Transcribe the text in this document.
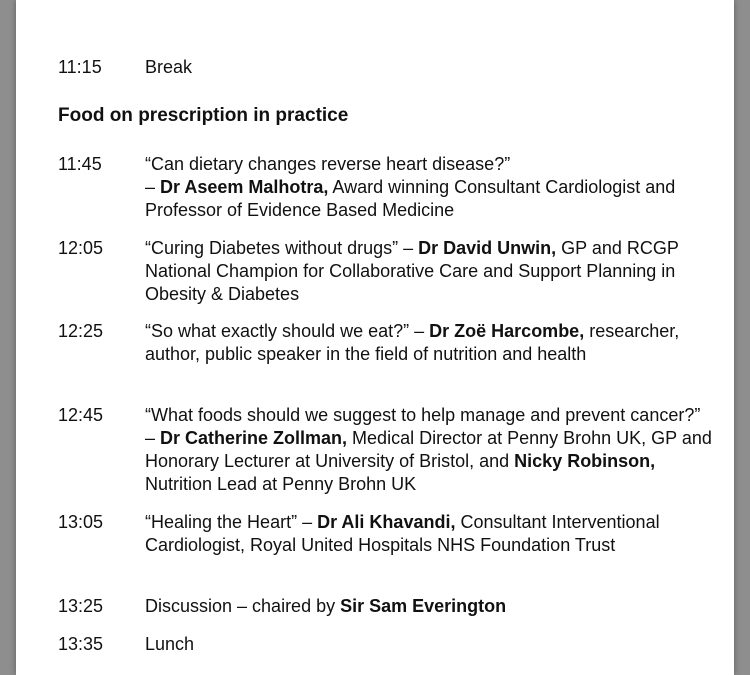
11:15 Break
Food on prescription in practice
11:45 “Can dietary changes reverse heart disease?”
– Dr Aseem Malhotra, Award winning Consultant Cardiologist and Professor of Evidence Based Medicine
12:05 “Curing Diabetes without drugs” – Dr David Unwin, GP and RCGP National Champion for Collaborative Care and Support Planning in Obesity & Diabetes
12:25 “So what exactly should we eat?” – Dr Zoë Harcombe, researcher, author, public speaker in the field of nutrition and health
12:45 “What foods should we suggest to help manage and prevent cancer?” – Dr Catherine Zollman, Medical Director at Penny Brohn UK, GP and Honorary Lecturer at University of Bristol, and Nicky Robinson, Nutrition Lead at Penny Brohn UK
13:05 “Healing the Heart” – Dr Ali Khavandi, Consultant Interventional Cardiologist, Royal United Hospitals NHS Foundation Trust
13:25 Discussion – chaired by Sir Sam Everington
13:35 Lunch
